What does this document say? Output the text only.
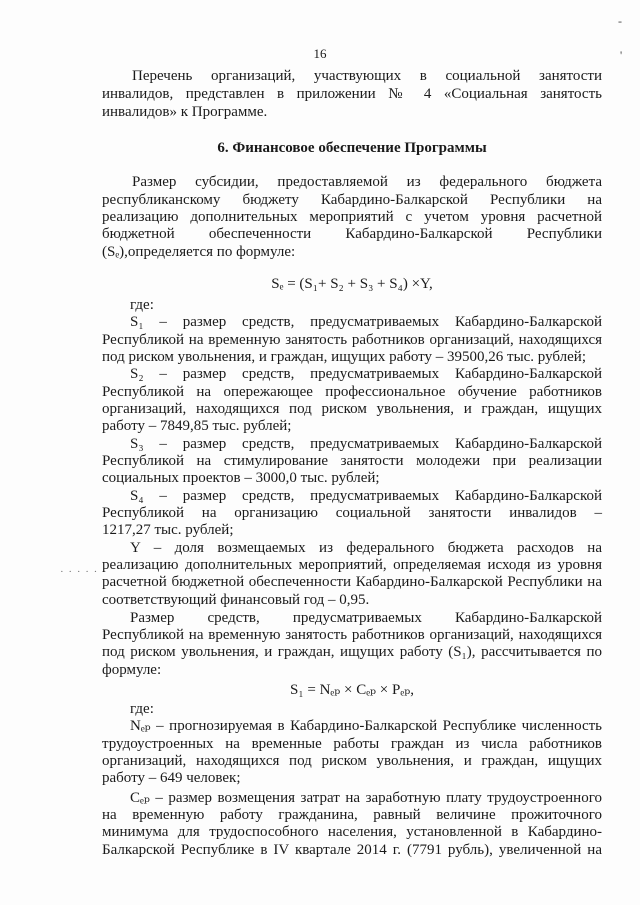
16
-
'
· · · · · ·
Перечень организаций, участвующих в социальной занятости
инвалидов, представлен в приложении № 4 «Социальная занятость
инвалидов» к Программе.
6. Финансовое обеспечение Программы
Размер субсидии, предоставляемой из федерального бюджета
республиканскому бюджету Кабардино-Балкарской Республики на
реализацию дополнительных мероприятий с учетом уровня расчетной
бюджетной обеспеченности Кабардино-Балкарской Республики
(Sₑ),определяется по формуле:
Sₑ = (S₁+ S₂ + S₃ + S₄) ×Y,
где:
S₁ – размер средств, предусматриваемых Кабардино-Балкарской
Республикой на временную занятость работников организаций, находящихся
под риском увольнения, и граждан, ищущих работу – 39500,26 тыс. рублей;
S₂ – размер средств, предусматриваемых Кабардино-Балкарской
Республикой на опережающее профессиональное обучение работников
организаций, находящихся под риском увольнения, и граждан, ищущих
работу – 7849,85 тыс. рублей;
S₃ – размер средств, предусматриваемых Кабардино-Балкарской
Республикой на стимулирование занятости молодежи при реализации
социальных проектов – 3000,0 тыс. рублей;
S₄ – размер средств, предусматриваемых Кабардино-Балкарской
Республикой на организацию социальной занятости инвалидов –
1217,27 тыс. рублей;
Y – доля возмещаемых из федерального бюджета расходов на
реализацию дополнительных мероприятий, определяемая исходя из уровня
расчетной бюджетной обеспеченности Кабардино-Балкарской Республики на
соответствующий финансовый год – 0,95.
Размер средств, предусматриваемых Кабардино-Балкарской
Республикой на временную занятость работников организаций, находящихся
под риском увольнения, и граждан, ищущих работу (S₁), рассчитывается по
формуле:
S₁ = Nₑₚ × Cₑₚ × Pₑₚ,
где:
Nₑₚ – прогнозируемая в Кабардино-Балкарской Республике численность
трудоустроенных на временные работы граждан из числа работников
организаций, находящихся под риском увольнения, и граждан, ищущих
работу – 649 человек;
Сₑₚ – размер возмещения затрат на заработную плату трудоустроенного
на временную работу гражданина, равный величине прожиточного
минимума для трудоспособного населения, установленной в Кабардино-
Балкарской Республике в IV квартале 2014 г. (7791 рубль), увеличенной на
